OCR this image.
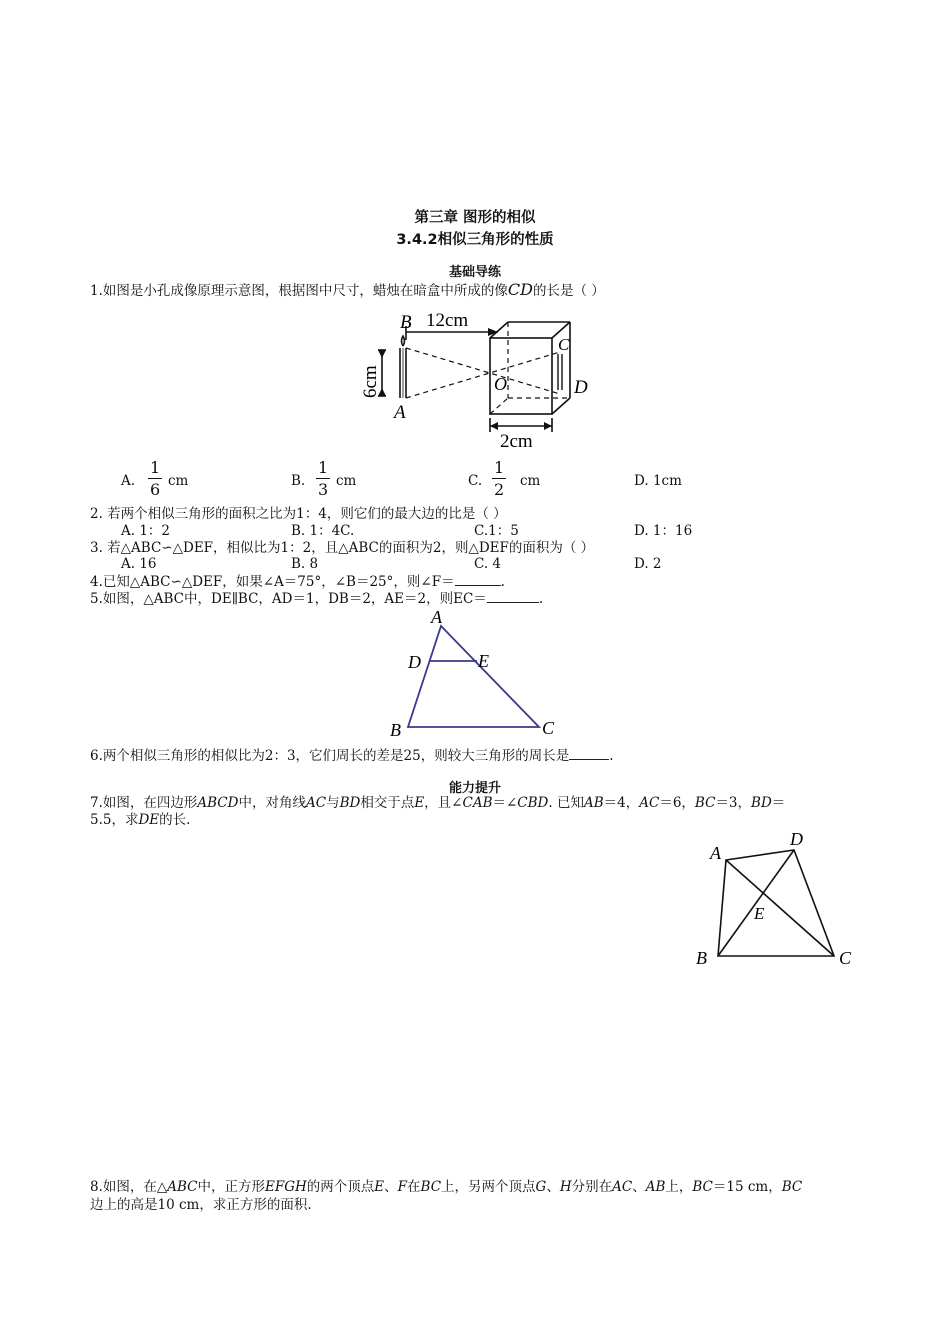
第三章 图形的相似
3.4.2相似三角形的性质
基础导练
1.如图是小孔成像原理示意图，根据图中尺寸，蜡烛在暗盒中所成的像CD的长是（ ）
B
A
C
D
O
12cm
6cm
2cm
A. $\frac{1}{6}$ cm	B. $\frac{1}{3}$ cm	C. $\frac{1}{2}$ cm	D. 1cm
2. 若两个相似三角形的面积之比为1：4，则它们的最大边的比是（ ）
A. 1：2	B. 1：4C.	C.1：5	D. 1：16
3. 若△ABC∽△DEF，相似比为1：2，且△ABC的面积为2，则△DEF的面积为（ ）
A. 16	B. 8	C. 4	D. 2
4.已知△ABC∽△DEF，如果∠A＝75°，∠B＝25°，则∠F＝	.
5.如图，△ABC中，DE∥BC，AD＝1，DB＝2，AE＝2，则EC＝	.
A
D	E
B	C
6.两个相似三角形的相似比为2：3，它们周长的差是25，则较大三角形的周长是	.
能力提升
7.如图，在四边形ABCD中，对角线AC与BD相交于点E，且∠CAB＝∠CBD. 已知AB＝4，AC＝6，BC＝3，BD＝
5.5，求DE的长.
A
D
E
B	C
8.如图，在△ABC中，正方形EFGH的两个顶点E、F在BC上，另两个顶点G、H分别在AC、AB上，BC＝15 cm，BC
边上的高是10 cm，求正方形的面积.
